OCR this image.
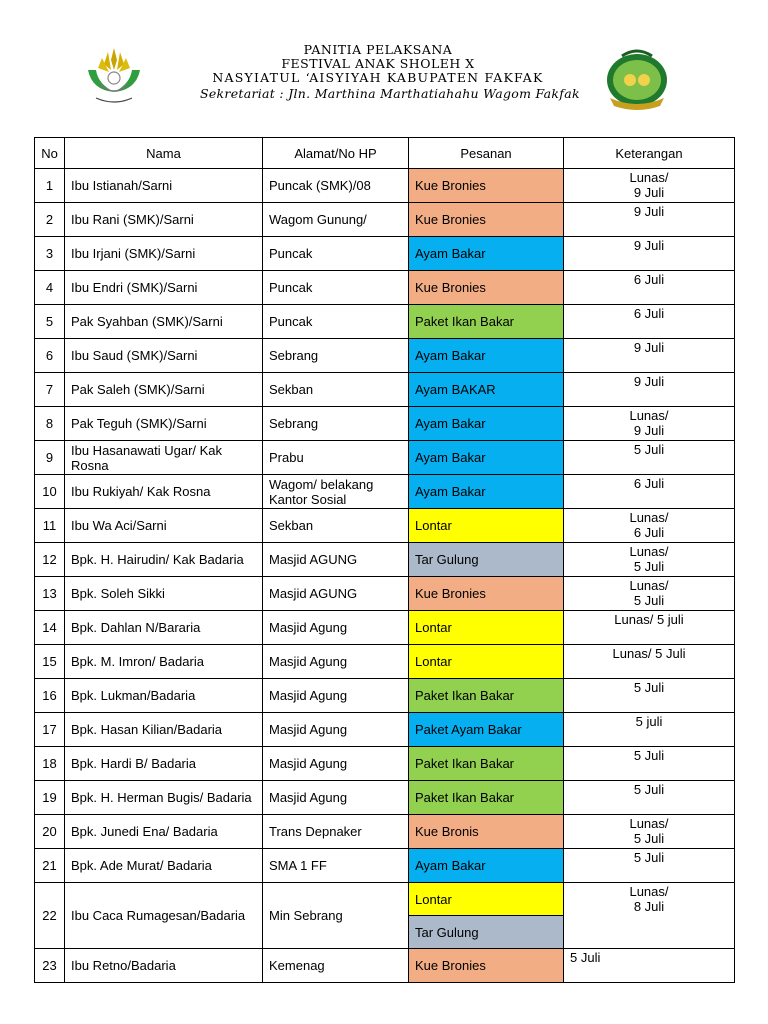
PANITIA PELAKSANA
FESTIVAL ANAK SHOLEH X
NASYIATUL ‘AISYIYAH KABUPATEN FAKFAK
Sekretariat : Jln. Marthina Marthatiahahu Wagom Fakfak
No	Nama	Alamat/No HP	Pesanan	Keterangan
1	Ibu Istianah/Sarni	Puncak (SMK)/08	Kue Bronies	Lunas/
9 Juli

2	Ibu Rani (SMK)/Sarni	Wagom Gunung/	Kue Bronies	9 Juli

3	Ibu Irjani (SMK)/Sarni	Puncak	Ayam Bakar	9 Juli

4	Ibu Endri (SMK)/Sarni	Puncak	Kue Bronies	6 Juli

5	Pak Syahban (SMK)/Sarni	Puncak	Paket Ikan Bakar	6 Juli

6	Ibu Saud (SMK)/Sarni	Sebrang	Ayam Bakar	9 Juli

7	Pak Saleh (SMK)/Sarni	Sekban	Ayam BAKAR	9 Juli

8	Pak Teguh (SMK)/Sarni	Sebrang	Ayam Bakar	Lunas/
9 Juli

9	Ibu Hasanawati Ugar/ Kak Rosna	Prabu	Ayam Bakar	5 Juli

10	Ibu Rukiyah/ Kak Rosna	Wagom/ belakang Kantor Sosial	Ayam Bakar	6 Juli

11	Ibu Wa Aci/Sarni	Sekban	Lontar	Lunas/
6 Juli

12	Bpk. H. Hairudin/ Kak Badaria	Masjid AGUNG	Tar Gulung	Lunas/
5 Juli

13	Bpk. Soleh Sikki	Masjid AGUNG	Kue Bronies	Lunas/
5 Juli

14	Bpk. Dahlan N/Bararia	Masjid Agung	Lontar	Lunas/ 5 juli

15	Bpk. M. Imron/ Badaria	Masjid Agung	Lontar	Lunas/ 5 Juli

16	Bpk. Lukman/Badaria	Masjid Agung	Paket Ikan Bakar	5 Juli

17	Bpk. Hasan Kilian/Badaria	Masjid Agung	Paket Ayam Bakar	5 juli

18	Bpk. Hardi B/ Badaria	Masjid Agung	Paket Ikan Bakar	5 Juli

19	Bpk. H. Herman Bugis/ Badaria	Masjid Agung	Paket Ikan Bakar	5 Juli

20	Bpk. Junedi Ena/ Badaria	Trans Depnaker	Kue Bronis	Lunas/
5 Juli

21	Bpk. Ade Murat/ Badaria	SMA 1 FF	Ayam Bakar	5 Juli

22	Ibu Caca Rumagesan/Badaria	Min Sebrang	Lontar	Lunas/
8 Juli

			Tar Gulung	
23	Ibu Retno/Badaria	Kemenag	Kue Bronies	5 Juli
